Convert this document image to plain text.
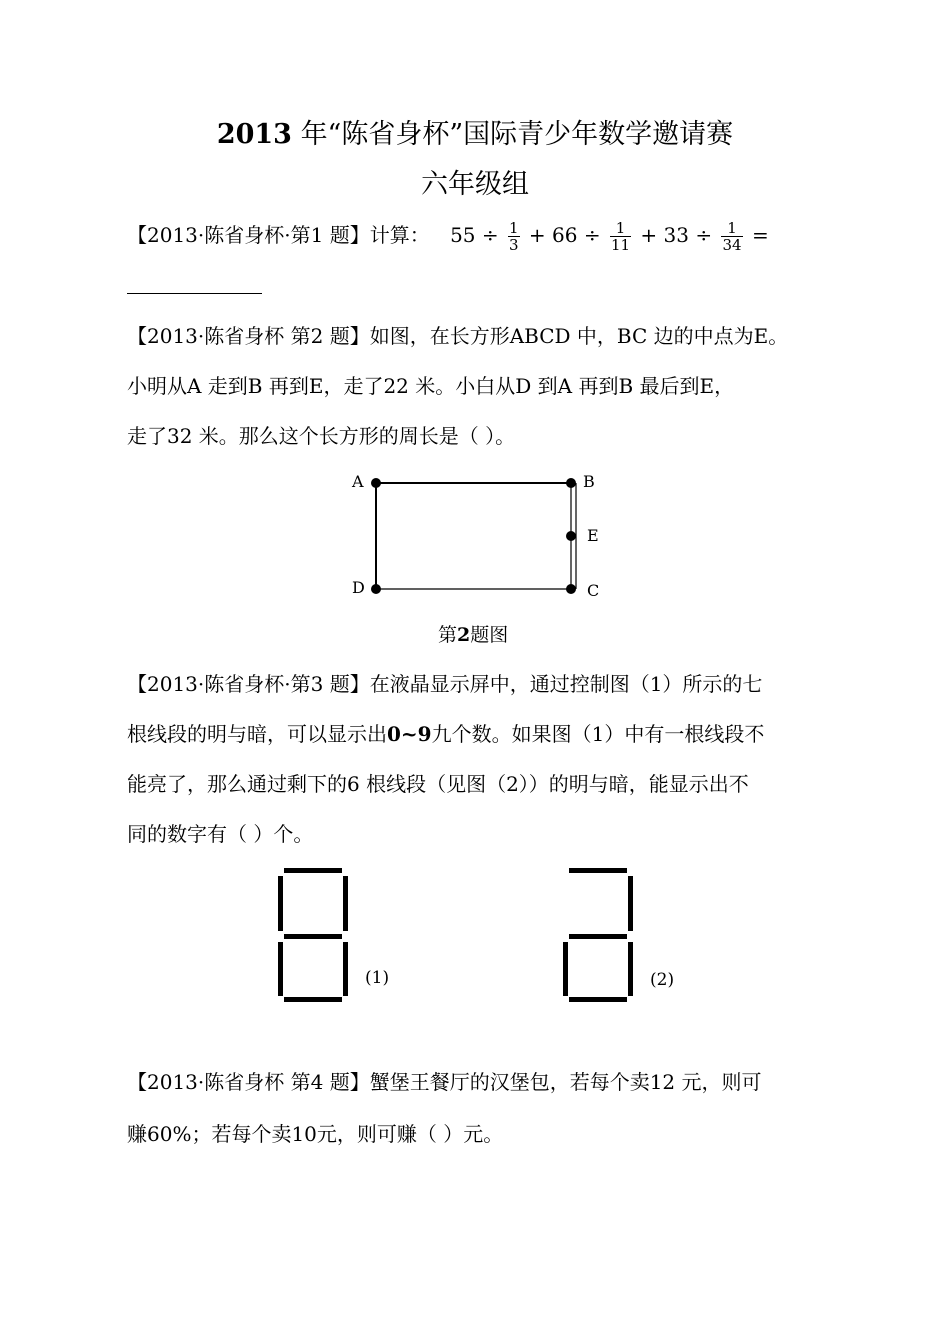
2013 年“陈省身杯”国际青少年数学邀请赛
六年级组
【2013·陈省身杯·第1 题】计算： $55 \div \frac{1}{3} + 66 \div \frac{1}{11} + 33 \div \frac{1}{34}$ =
【2013·陈省身杯 第2 题】如图，在长方形ABCD 中，BC 边的中点为E。
小明从A 走到B 再到E，走了22 米。小白从D 到A 再到B 最后到E，
走了32 米。那么这个长方形的周长是（ ）。
A	B
E
D	C
第2题图
【2013·陈省身杯·第3 题】在液晶显示屏中，通过控制图（1）所示的七
根线段的明与暗，可以显示出0~9九个数。如果图（1）中有一根线段不
能亮了，那么通过剩下的6 根线段（见图（2））的明与暗，能显示出不
同的数字有（ ）个。
(1)	(2)
【2013·陈省身杯 第4 题】蟹堡王餐厅的汉堡包，若每个卖12 元，则可
赚60%；若每个卖10元，则可赚（ ）元。
